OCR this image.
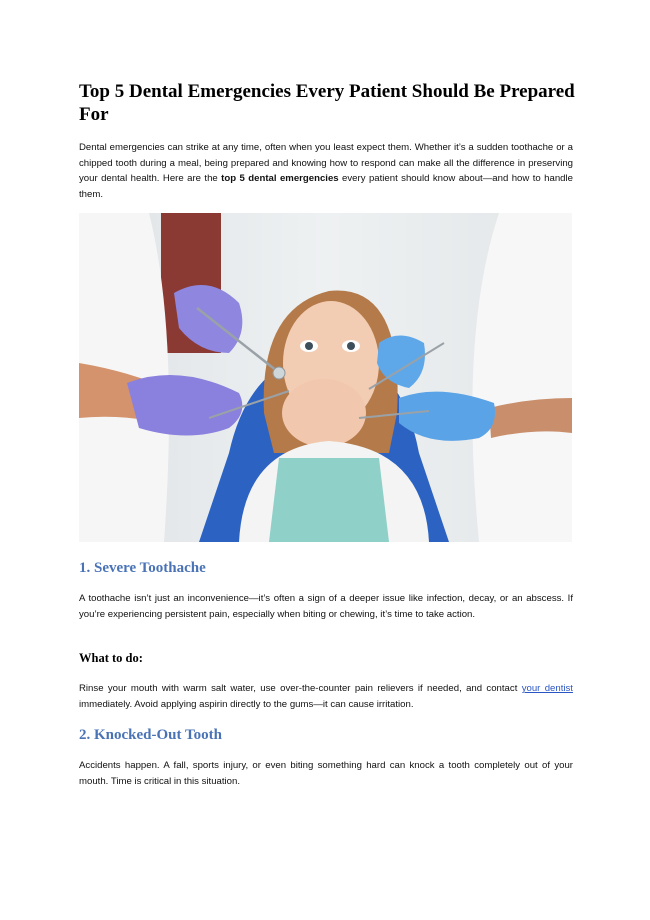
Top 5 Dental Emergencies Every Patient Should Be Prepared For

Dental emergencies can strike at any time, often when you least expect them. Whether it’s a sudden toothache or a chipped tooth during a meal, being prepared and knowing how to respond can make all the difference in preserving your dental health. Here are the top 5 dental emergencies every patient should know about—and how to handle them.

1. Severe Toothache

A toothache isn’t just an inconvenience—it’s often a sign of a deeper issue like infection, decay, or an abscess. If you’re experiencing persistent pain, especially when biting or chewing, it’s time to take action.

What to do:

Rinse your mouth with warm salt water, use over-the-counter pain relievers if needed, and contact your dentist immediately. Avoid applying aspirin directly to the gums—it can cause irritation.

2. Knocked-Out Tooth

Accidents happen. A fall, sports injury, or even biting something hard can knock a tooth completely out of your mouth. Time is critical in this situation.
